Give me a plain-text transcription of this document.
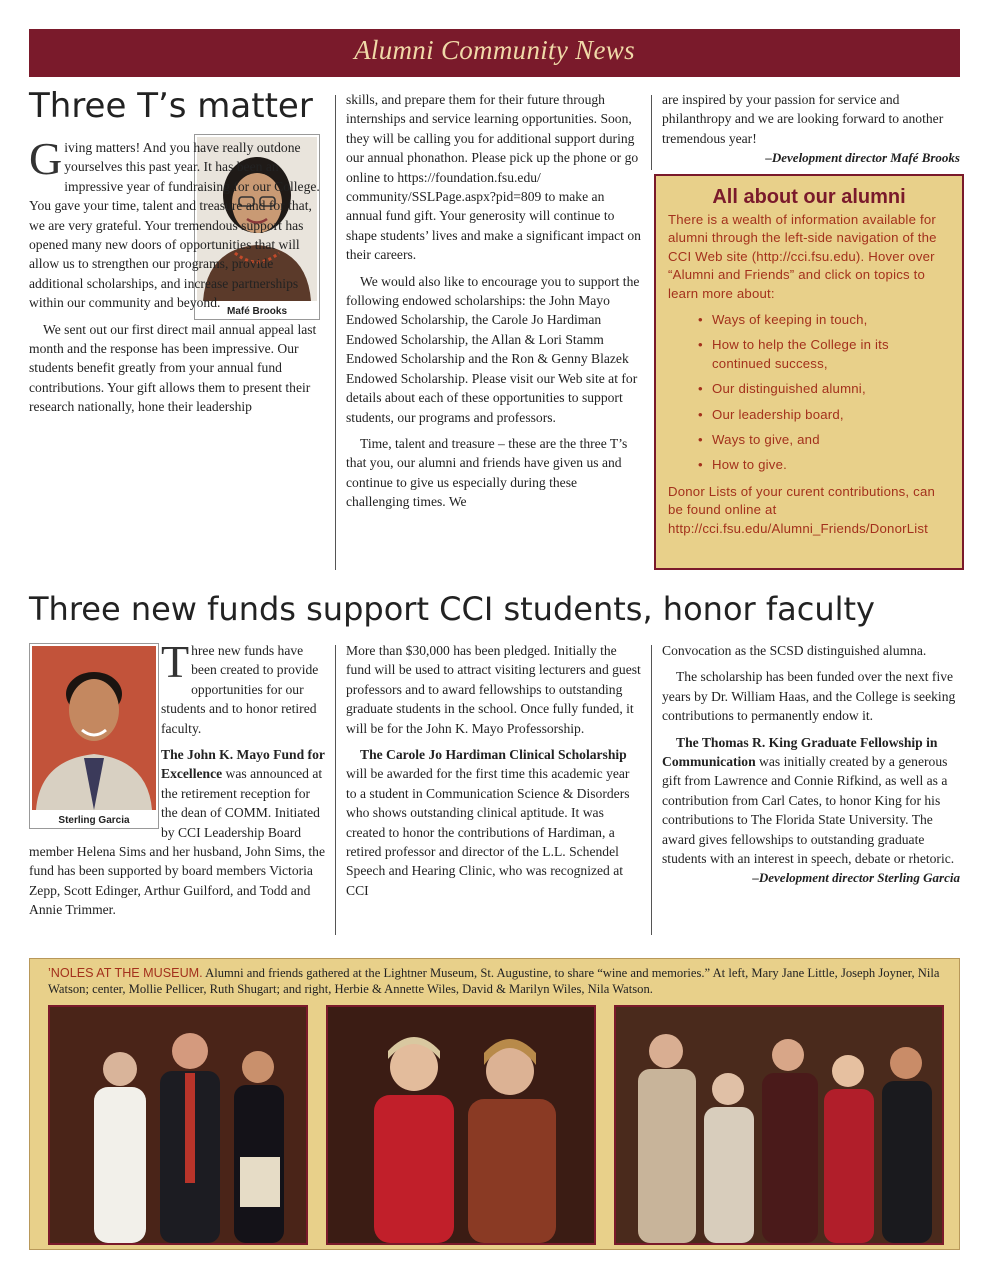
Alumni Community News
Three T’s matter
Mafé Brooks

Giving matters! And you have really outdone yourselves this past year. It has been an impressive year of fundraising for our College. You gave your time, talent and treasure and for that, we are very grateful. Your tremendous support has opened many new doors of opportunities that will allow us to strengthen our programs, provide additional scholarships, and increase partnerships within our community and beyond.

We sent out our first direct mail annual appeal last month and the response has been impressive. Our students benefit greatly from your annual fund contributions. Your gift allows them to present their research nationally, hone their leadership

skills, and prepare them for their future through internships and service learning opportunities. Soon, they will be calling you for additional support during our annual phonathon. Please pick up the phone or go online to https://foundation.fsu.edu/ community/SSLPage.aspx?pid=809 to make an annual fund gift. Your generosity will continue to shape students’ lives and make a significant impact on their careers.

We would also like to encourage you to support the following endowed scholarships: the John Mayo Endowed Scholarship, the Carole Jo Hardiman Endowed Scholarship, the Allan & Lori Stamm Endowed Scholarship and the Ron & Genny Blazek Endowed Scholarship. Please visit our Web site at for details about each of these opportunities to support students, our programs and professors.

Time, talent and treasure – these are the three T’s that you, our alumni and friends have given us and continue to give us especially during these challenging times. We

are inspired by your passion for service and philanthropy and we are looking forward to another tremendous year!

–Development director Mafé Brooks
All about our alumni

There is a wealth of information available for alumni through the left-side navigation of the CCI Web site (http://cci.fsu.edu). Hover over “Alumni and Friends” and click on topics to learn more about:

• Ways of keeping in touch,
• How to help the College in its continued success,
• Our distinguished alumni,
• Our leadership board,
• Ways to give, and
• How to give.

Donor Lists of your curent contributions, can be found online at http://cci.fsu.edu/Alumni_Friends/DonorList

Three new funds support CCI students, honor faculty
Sterling Garcia

Three new funds have been created to provide opportunities for our students and to honor retired faculty.

The John K. Mayo Fund for Excellence was announced at the retirement reception for the dean of COMM. Initiated by CCI Leadership Board member Helena Sims and her husband, John Sims, the fund has been supported by board members Victoria Zepp, Scott Edinger, Arthur Guilford, and Todd and Annie Trimmer.

More than $30,000 has been pledged. Initially the fund will be used to attract visiting lecturers and guest professors and to award fellowships to outstanding graduate students in the school. Once fully funded, it will be for the John K. Mayo Professorship.

The Carole Jo Hardiman Clinical Scholarship will be awarded for the first time this academic year to a student in Communication Science & Disorders who shows outstanding clinical aptitude. It was created to honor the contributions of Hardiman, a retired professor and director of the L.L. Schendel Speech and Hearing Clinic, who was recognized at CCI

Convocation as the SCSD distinguished alumna.

The scholarship has been funded over the next five years by Dr. William Haas, and the College is seeking contributions to permanently endow it.

The Thomas R. King Graduate Fellowship in Communication was initially created by a generous gift from Lawrence and Connie Rifkind, as well as a contribution from Carl Cates, to honor King for his contributions to The Florida State University. The award gives fellowships to outstanding graduate students with an interest in speech, debate or rhetoric.

–Development director Sterling Garcia
’NOLES AT THE MUSEUM. Alumni and friends gathered at the Lightner Museum, St. Augustine, to share “wine and memories.” At left, Mary Jane Little, Joseph Joyner, Nila Watson; center, Mollie Pellicer, Ruth Shugart; and right, Herbie & Annette Wiles, David & Marilyn Wiles, Nila Watson.
